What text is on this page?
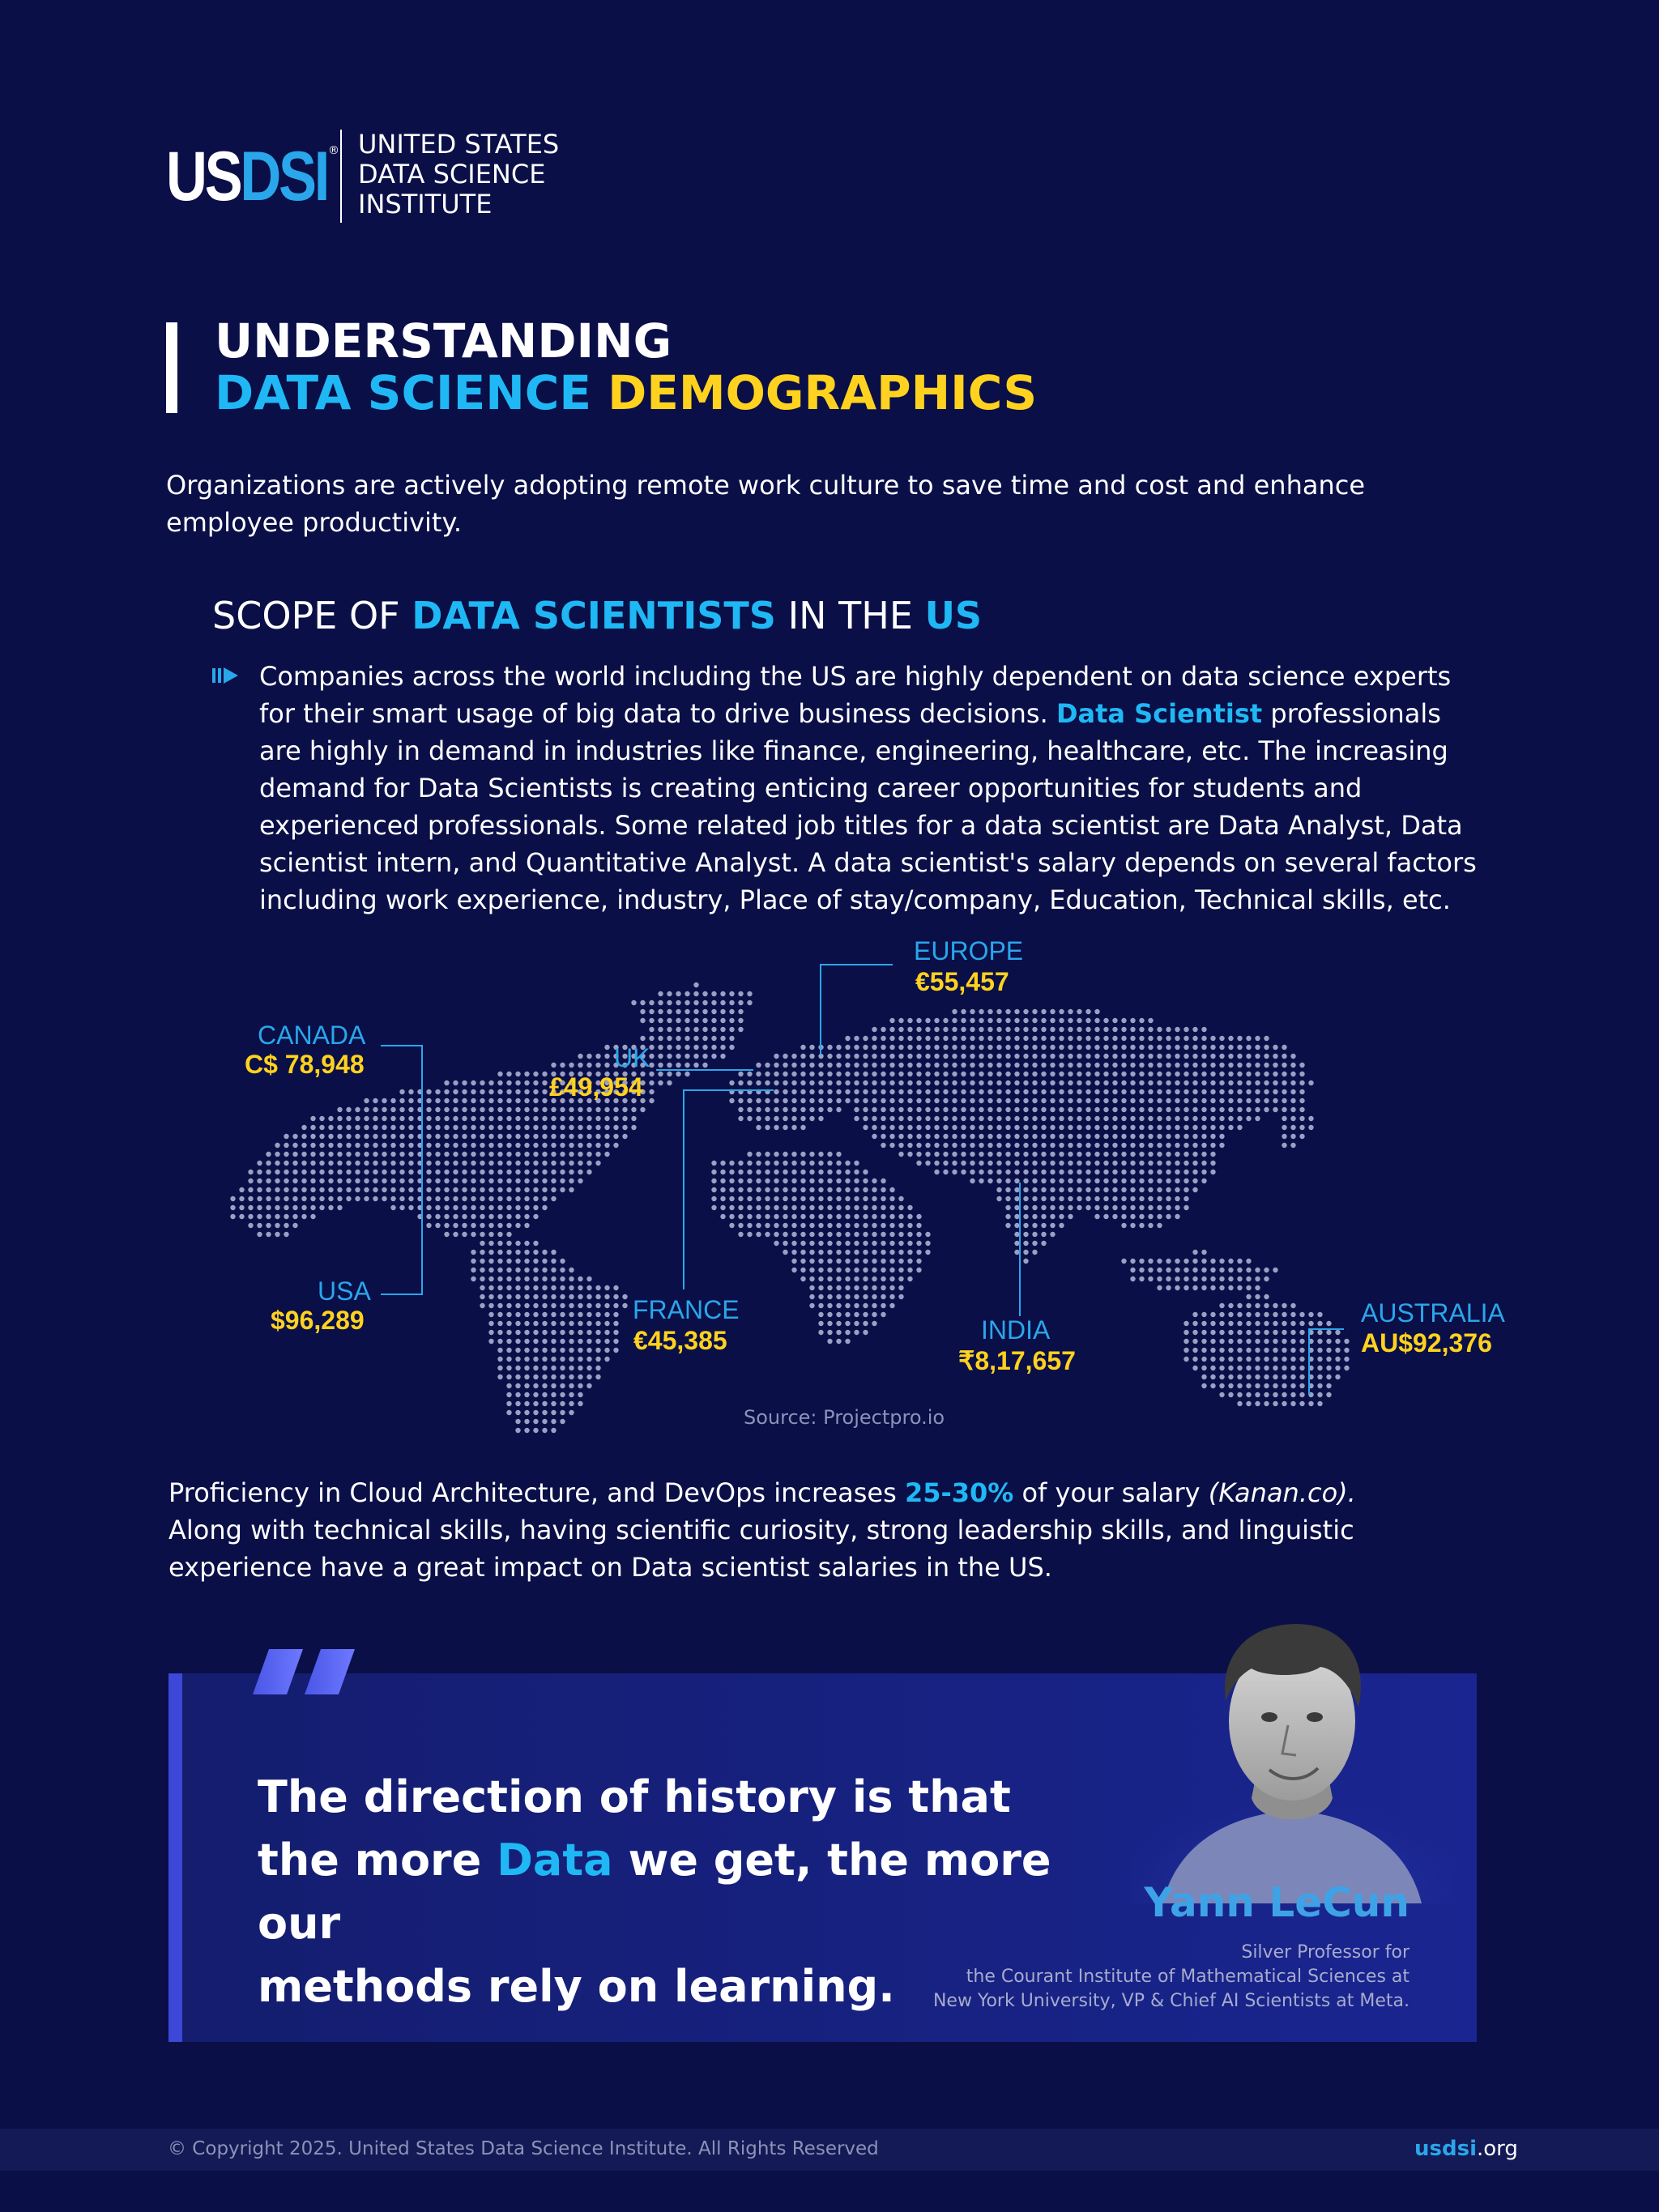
USDSI ® UNITED STATES
DATA SCIENCE
INSTITUTE
UNDERSTANDING
DATA SCIENCE DEMOGRAPHICS
Organizations are actively adopting remote work culture to save time and cost and enhance employee productivity.
SCOPE OF DATA SCIENTISTS IN THE US
Companies across the world including the US are highly dependent on data science experts for their smart usage of big data to drive business decisions. Data Scientist professionals are highly in demand in industries like finance, engineering, healthcare, etc. The increasing demand for Data Scientists is creating enticing career opportunities for students and experienced professionals. Some related job titles for a data scientist are Data Analyst, Data scientist intern, and Quantitative Analyst. A data scientist's salary depends on several factors including work experience, industry, Place of stay/company, Education, Technical skills, etc.
CANADA
C$ 78,948
USA
$96,289
UK
£49,954
EUROPE
€55,457
FRANCE
€45,385	INDIA
₹8,17,657
AUSTRALIA
AU$92,376
Source: Projectpro.io
Proficiency in Cloud Architecture, and DevOps increases 25-30% of your salary (Kanan.co). Along with technical skills, having scientific curiosity, strong leadership skills, and linguistic experience have a great impact on Data scientist salaries in the US.
The direction of history is that
the more Data we get, the more our
methods rely on learning.
Yann LeCun
Silver Professor for
the Courant Institute of Mathematical Sciences at
New York University, VP & Chief AI Scientists at Meta.
© Copyright 2025. United States Data Science Institute. All Rights Reserved	usdsi.org
